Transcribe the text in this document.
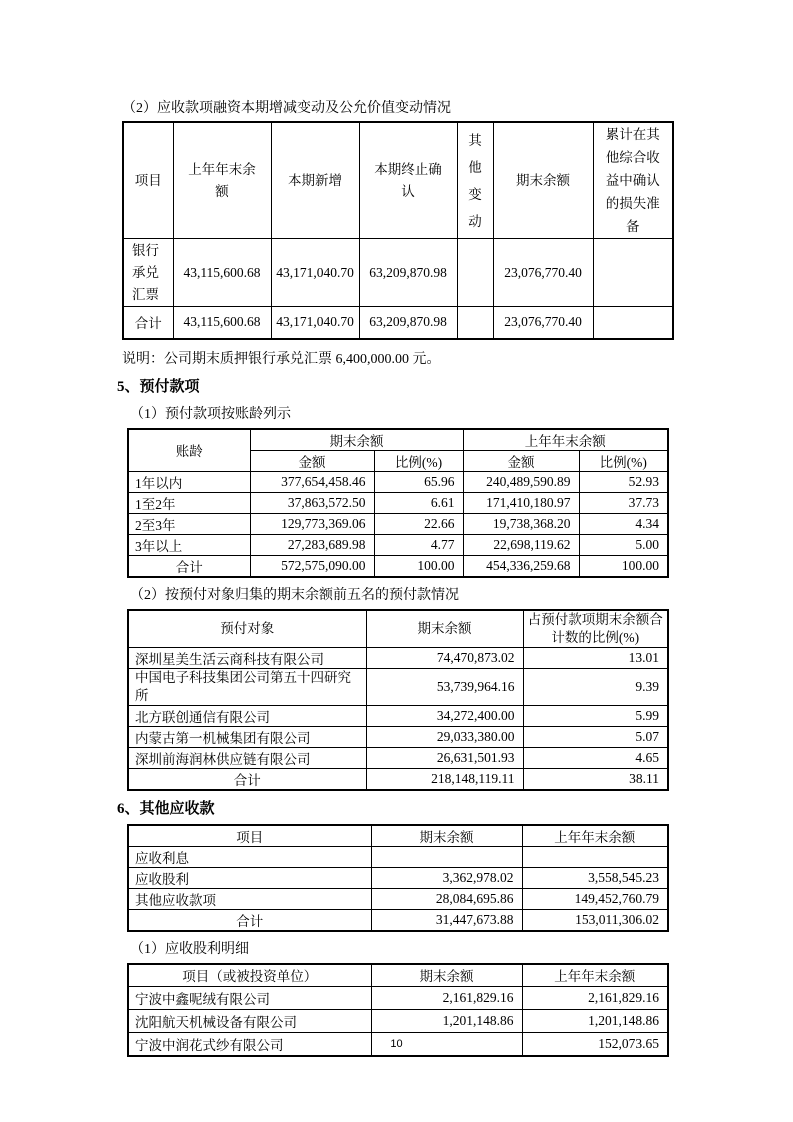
（2）应收款项融资本期增减变动及公允价值变动情况
项目	上年年末余额	本期新增	本期终止确认	其他变动	期末余额	累计在其他综合收益中确认的损失准备
银行承兑汇票	43,115,600.68	43,171,040.70	63,209,870.98		23,076,770.40	
合计	43,115,600.68	43,171,040.70	63,209,870.98		23,076,770.40	
说明：公司期末质押银行承兑汇票 6,400,000.00 元。
5、预付款项
（1）预付款项按账龄列示
账龄	期末余额		上年年末余额	
	金额	比例(%)	金额	比例(%)
1年以内	377,654,458.46	65.96	240,489,590.89	52.93
1至2年	37,863,572.50	6.61	171,410,180.97	37.73
2至3年	129,773,369.06	22.66	19,738,368.20	4.34
3年以上	27,283,689.98	4.77	22,698,119.62	5.00
合计	572,575,090.00	100.00	454,336,259.68	100.00
（2）按预付对象归集的期末余额前五名的预付款情况
预付对象	期末余额	占预付款项期末余额合计数的比例(%)
深圳星美生活云商科技有限公司	74,470,873.02	13.01
中国电子科技集团公司第五十四研究所	53,739,964.16	9.39
北方联创通信有限公司	34,272,400.00	5.99
内蒙古第一机械集团有限公司	29,033,380.00	5.07
深圳前海润林供应链有限公司	26,631,501.93	4.65
合计	218,148,119.11	38.11
6、其他应收款
项目	期末余额	上年年末余额
应收利息		
应收股利	3,362,978.02	3,558,545.23
其他应收款项	28,084,695.86	149,452,760.79
合计	31,447,673.88	153,011,306.02
（1）应收股利明细
项目（或被投资单位）	期末余额	上年年末余额
宁波中鑫呢绒有限公司	2,161,829.16	2,161,829.16
沈阳航天机械设备有限公司	1,201,148.86	1,201,148.86
宁波中润花式纱有限公司		152,073.65
10
